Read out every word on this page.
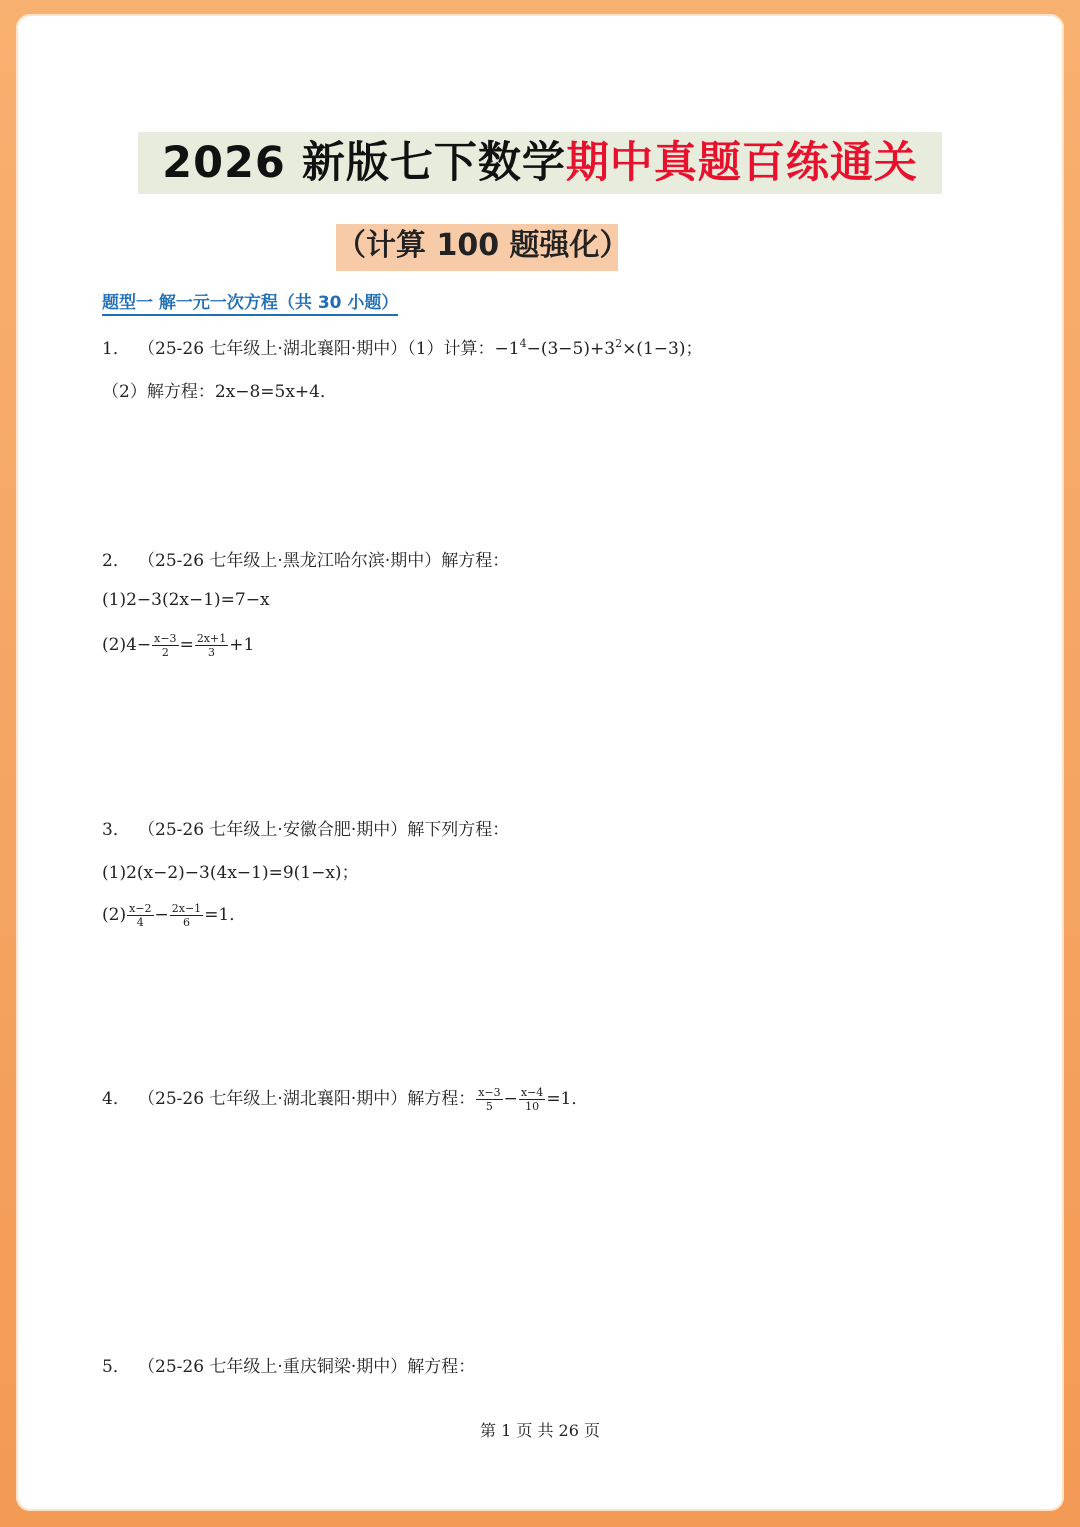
2026 新版七下数学期中真题百练通关
（计算 100 题强化）
题型一 解一元一次方程（共 30 小题）
1． （25-26 七年级上·湖北襄阳·期中）（1）计算：$-1^4-(3-5)+3^2\times(1-3)$；
（2）解方程：2x−8=5x+4．
2． （25-26 七年级上·黑龙江哈尔滨·期中）解方程：
(1)2−3(2x−1)=7−x
$(2)4- \frac{x-3}{2} = \frac{2x+1}{3} +1$
3． （25-26 七年级上·安徽合肥·期中）解下列方程：
(1)2(x−2)−3(4x−1)=9(1−x)；
$(2) \frac{x-2}{4} - \frac{2x-1}{6} =1$．
4． （25-26 七年级上·湖北襄阳·期中）解方程： $\frac{x-3}{5} - \frac{x-4}{10} =1$．
5． （25-26 七年级上·重庆铜梁·期中）解方程：
第 1 页 共 26 页
